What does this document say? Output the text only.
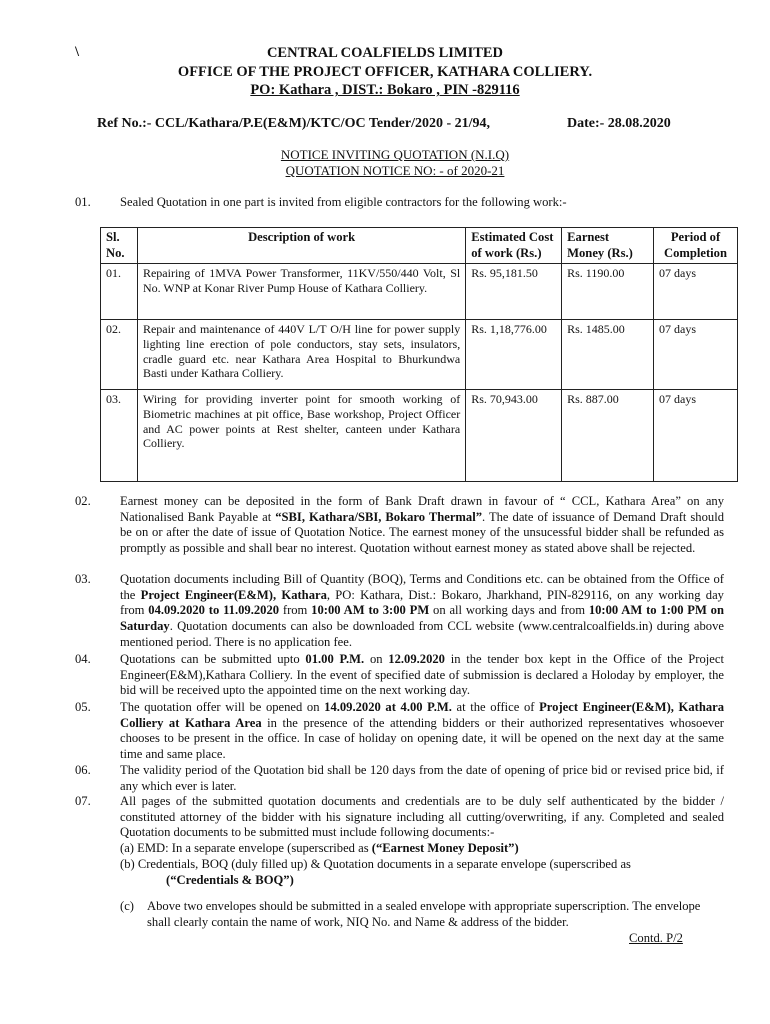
\	CENTRAL COALFIELDS LIMITED
OFFICE OF THE PROJECT OFFICER, KATHARA COLLIERY.
PO: Kathara , DIST.: Bokaro , PIN -829116
Ref No.:- CCL/Kathara/P.E(E&M)/KTC/OC Tender/2020 - 21/94,	Date:- 28.08.2020
NOTICE INVITING QUOTATION (N.I.Q)
QUOTATION NOTICE NO: - of 2020-21
01. Sealed Quotation in one part is invited from eligible contractors for the following work:-
Sl. No.	Description of work	Estimated Cost of work (Rs.)	Earnest Money (Rs.)	Period of Completion
01.	Repairing of 1MVA Power Transformer, 11KV/550/440 Volt, Sl No. WNP at Konar River Pump House of Kathara Colliery.	Rs. 95,181.50	Rs. 1190.00	07 days
02.	Repair and maintenance of 440V L/T O/H line for power supply lighting line erection of pole conductors, stay sets, insulators, cradle guard etc. near Kathara Area Hospital to Bhurkundwa Basti under Kathara Colliery.	Rs. 1,18,776.00	Rs. 1485.00	07 days
03.	Wiring for providing inverter point for smooth working of Biometric machines at pit office, Base workshop, Project Officer and AC power points at Rest shelter, canteen under Kathara Colliery.	Rs. 70,943.00	Rs. 887.00	07 days
02. Earnest money can be deposited in the form of Bank Draft drawn in favour of “ CCL, Kathara Area” on any Nationalised Bank Payable at “SBI, Kathara/SBI, Bokaro Thermal”. The date of issuance of Demand Draft should be on or after the date of issue of Quotation Notice. The earnest money of the unsucessful bidder shall be refunded as promptly as possible and shall bear no interest. Quotation without earnest money as stated above shall be rejected.
03. Quotation documents including Bill of Quantity (BOQ), Terms and Conditions etc. can be obtained from the Office of the Project Engineer(E&M), Kathara, PO: Kathara, Dist.: Bokaro, Jharkhand, PIN-829116, on any working day from 04.09.2020 to 11.09.2020 from 10:00 AM to 3:00 PM on all working days and from 10:00 AM to 1:00 PM on Saturday. Quotation documents can also be downloaded from CCL website (www.centralcoalfields.in) during above mentioned period. There is no application fee.
04. Quotations can be submitted upto 01.00 P.M. on 12.09.2020 in the tender box kept in the Office of the Project Engineer(E&M),Kathara Colliery. In the event of specified date of submission is declared a Holoday by employer, the bid will be received upto the appointed time on the next working day.
05. The quotation offer will be opened on 14.09.2020 at 4.00 P.M. at the office of Project Engineer(E&M), Kathara Colliery at Kathara Area in the presence of the attending bidders or their authorized representatives whosoever chooses to be present in the office. In case of holiday on opening date, it will be opened on the next day at the same time and same place.
06. The validity period of the Quotation bid shall be 120 days from the date of opening of price bid or revised price bid, if any which ever is later.
07. All pages of the submitted quotation documents and credentials are to be duly self authenticated by the bidder / constituted attorney of the bidder with his signature including all cutting/overwriting, if any. Completed and sealed Quotation documents to be submitted must include following documents:-
(a) EMD: In a separate envelope (superscribed as (“Earnest Money Deposit”)
(b) Credentials, BOQ (duly filled up) & Quotation documents in a separate envelope (superscribed as
(“Credentials & BOQ”)
(c) Above two envelopes should be submitted in a sealed envelope with appropriate superscription. The envelope shall clearly contain the name of work, NIQ No. and Name & address of the bidder.
Contd. P/2
